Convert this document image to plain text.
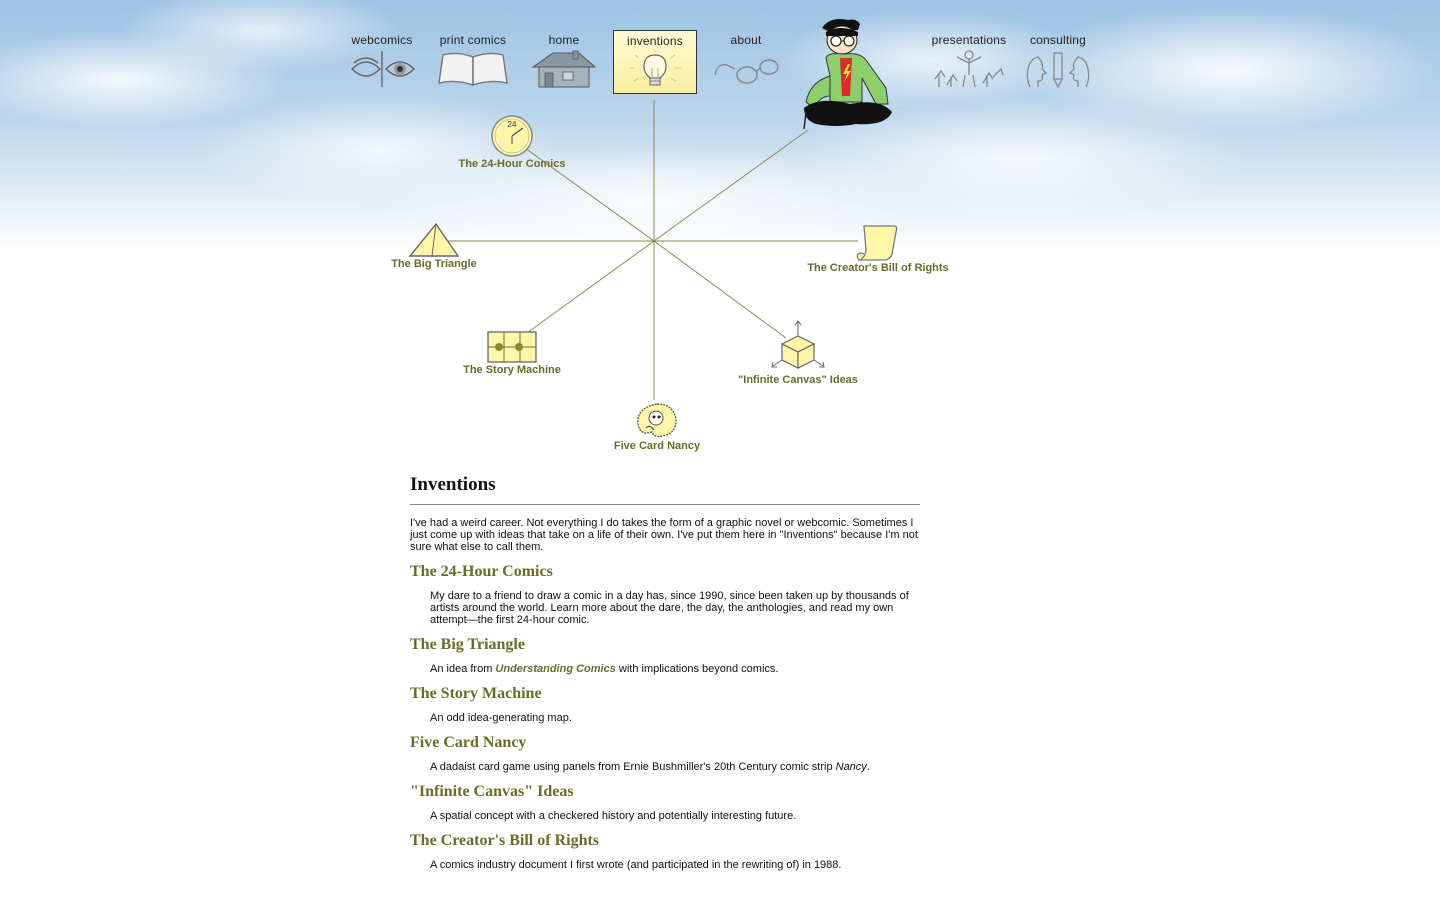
webcomics	print comics	home	inventions	about	presentations	consulting
24
The 24-Hour Comics
The Big Triangle	The Creator's Bill of Rights
The Story Machine
"Infinite Canvas" Ideas
Five Card Nancy
Inventions

I've had a weird career. Not everything I do takes the form of a graphic novel or webcomic. Sometimes I just come up with ideas that take on a life of their own. I've put them here in "Inventions" because I'm not sure what else to call them.

The 24-Hour Comics

My dare to a friend to draw a comic in a day has, since 1990, since been taken up by thousands of artists around the world. Learn more about the dare, the day, the anthologies, and read my own attempt—the first 24-hour comic.

The Big Triangle

An idea from Understanding Comics with implications beyond comics.

The Story Machine

An odd idea-generating map.

Five Card Nancy

A dadaist card game using panels from Ernie Bushmiller's 20th Century comic strip Nancy.

"Infinite Canvas" Ideas

A spatial concept with a checkered history and potentially interesting future.

The Creator's Bill of Rights

A comics industry document I first wrote (and participated in the rewriting of) in 1988.
